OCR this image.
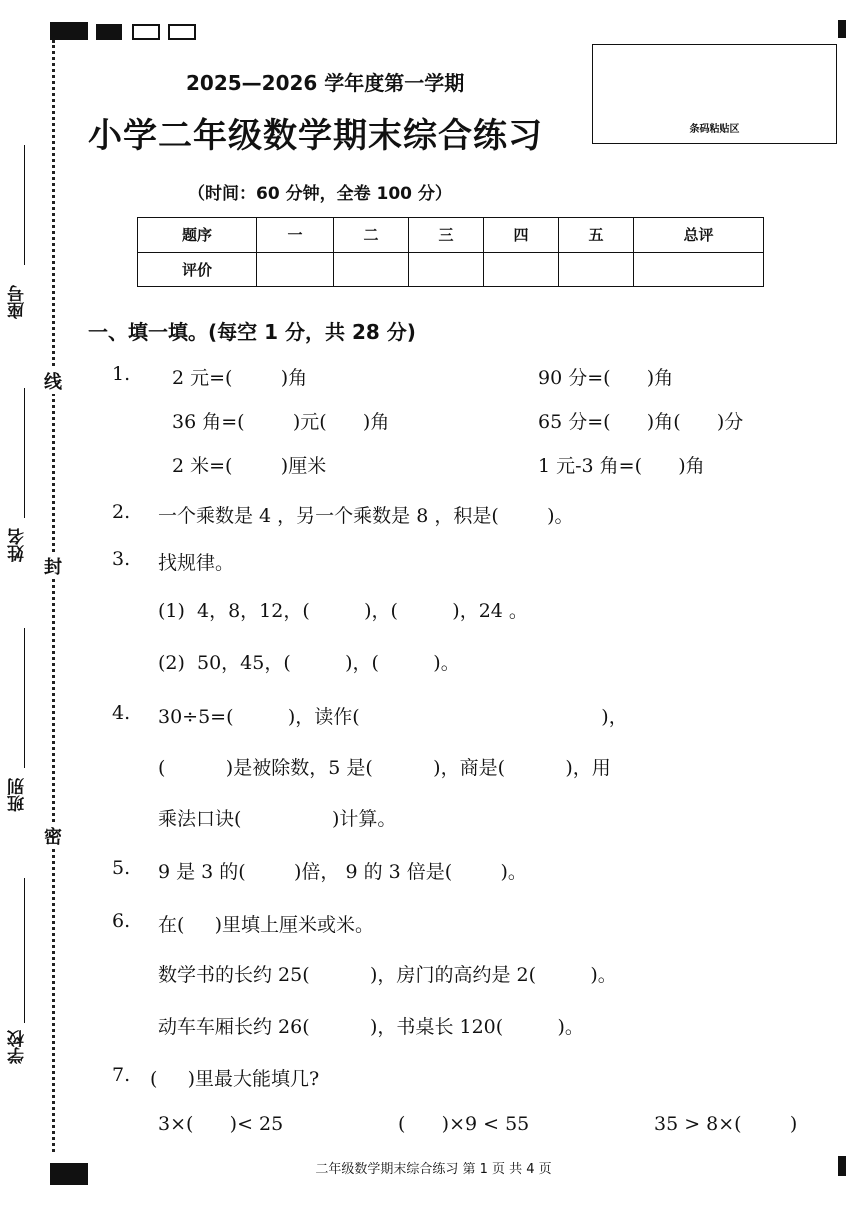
座号
姓名
班别
学校
线
封
密
2025—2026 学年度第一学期
小学二年级数学期末综合练习
（时间：60 分钟，全卷 100 分）
条码粘贴区
题序	一	二	三	四	五	总评
评价						
一、填一填。(每空 1 分，共 28 分)
1. 2 元=(        )角	90 分=(      )角
36 角=(        )元(      )角	65 分=(      )角(      )分
2 米=(        )厘米	1 元-3 角=(      )角
2. 一个乘数是 4 ，另一个乘数是 8 ，积是(        )。
3. 找规律。
(1)  4，8，12，(         )，(         )，24 。
(2)  50，45，(         )，(         )。
4. 30÷5=(         )，读作(                                        )，
(          )是被除数，5 是(          )，商是(          )，用
乘法口诀(               )计算。
5. 9 是 3 的(        )倍， 9 的 3 倍是(        )。
6. 在(     )里填上厘米或米。
数学书的长约 25(          )，房门的高约是 2(         )。
动车车厢长约 26(          )，书桌长 120(         )。
7. (     )里最大能填几?
3×(      )< 25	(      )×9 < 55	35 > 8×(        )
二年级数学期末综合练习 第 1 页 共 4 页
